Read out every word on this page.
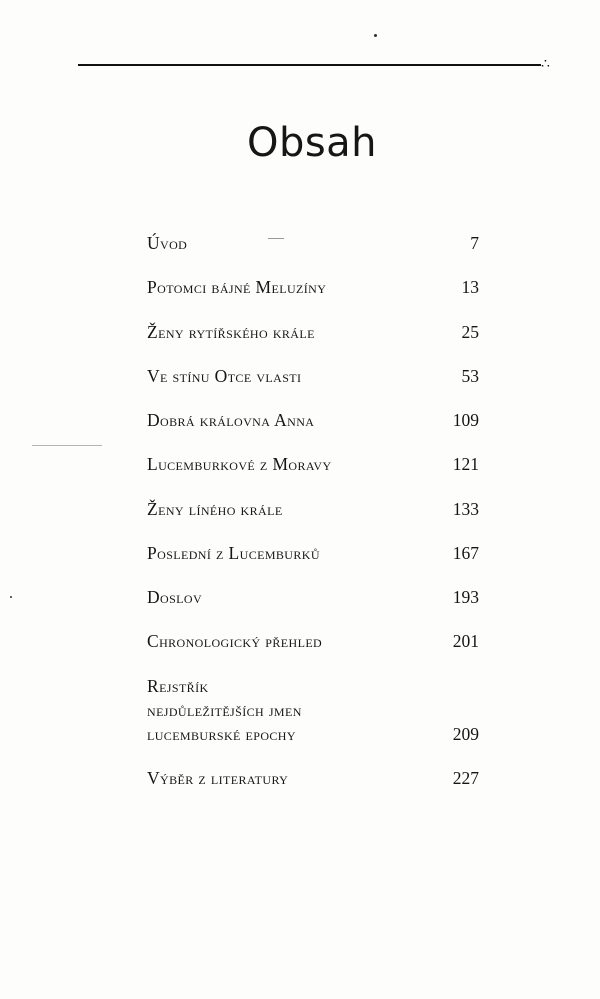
∴
Obsah
Úvod	7
Potomci bájné Meluzíny	13
Ženy rytířského krále	25
Ve stínu Otce vlasti	53
Dobrá královna Anna	109
Lucemburkové z Moravy	121
Ženy líného krále	133
Poslední z Lucemburků	167
Doslov	193
Chronologický přehled	201
Rejstřík
nejdůležitějších jmen
lucemburské epochy	209
Výběr z literatury	227
